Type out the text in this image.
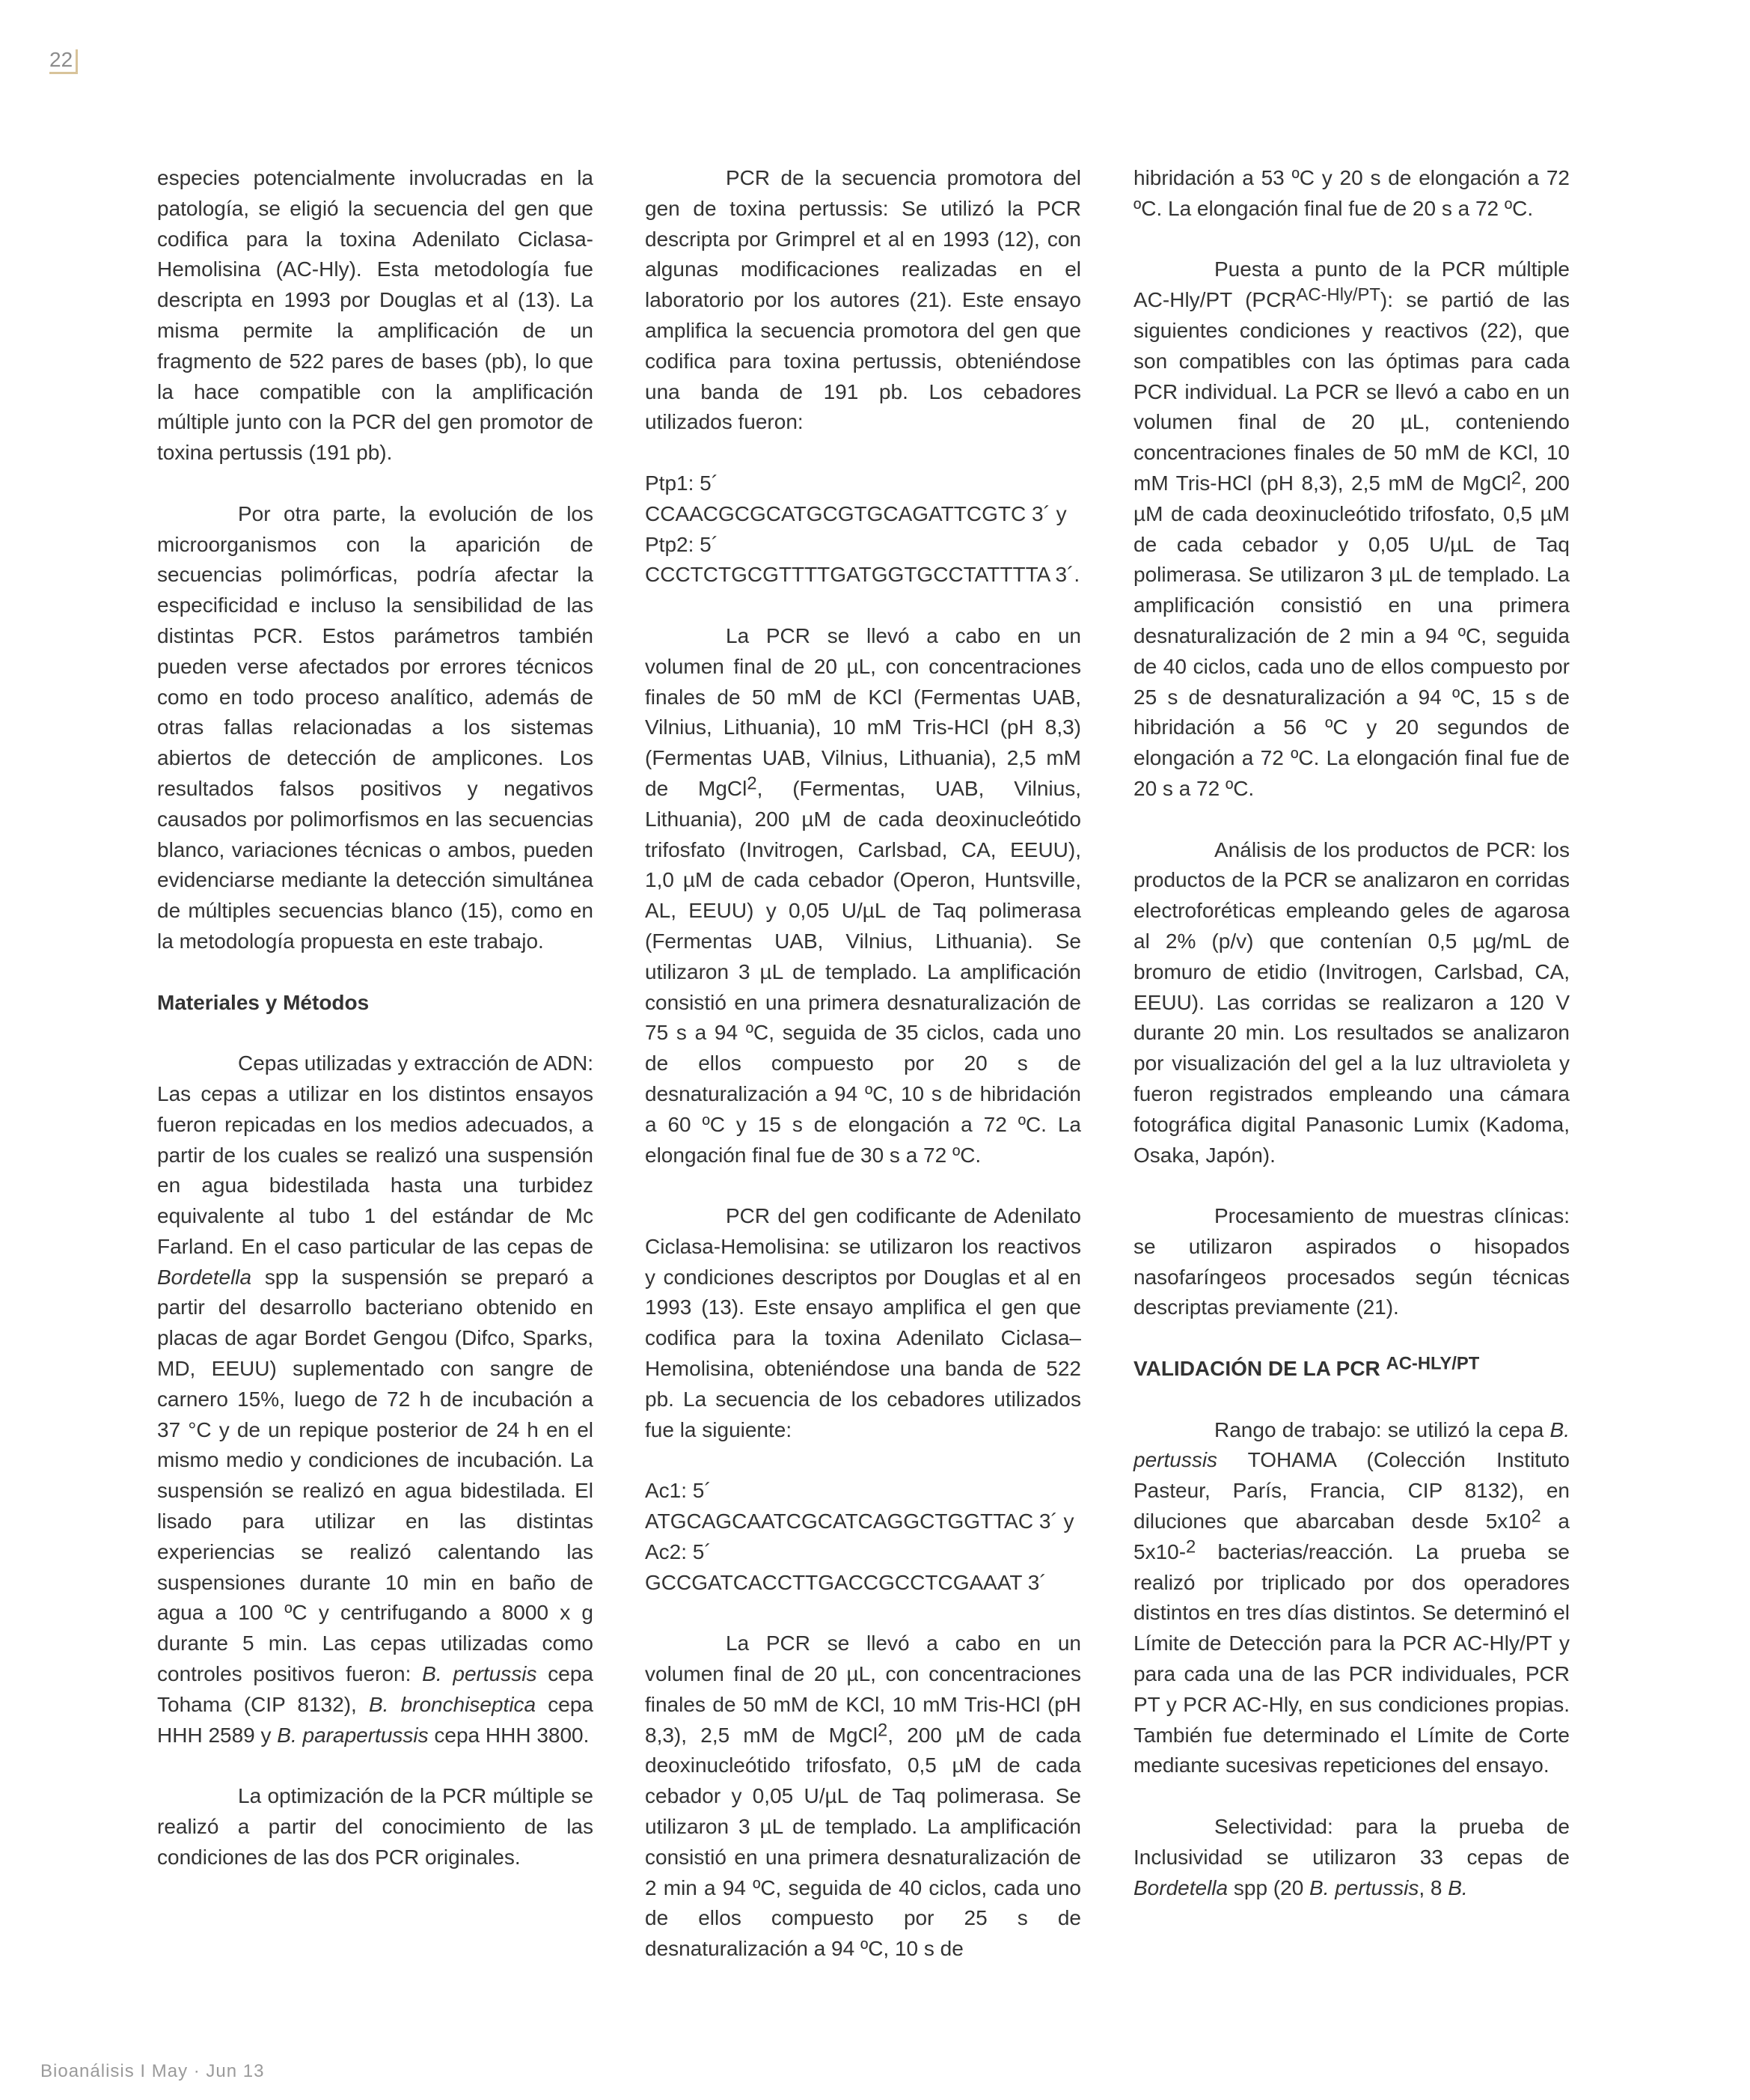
22

especies potencialmente involucradas en la patología, se eligió la secuencia del gen que codifica para la toxina Adenilato Ciclasa-Hemolisina (AC-Hly). Esta metodología fue descripta en 1993 por Douglas et al (13). La misma permite la amplificación de un fragmento de 522 pares de bases (pb), lo que la hace compatible con la amplificación múltiple junto con la PCR del gen promotor de toxina pertussis (191 pb).

Por otra parte, la evolución de los microorganismos con la aparición de secuencias polimórficas, podría afectar la especificidad e incluso la sensibilidad de las distintas PCR. Estos parámetros también pueden verse afectados por errores técnicos como en todo proceso analítico, además de otras fallas relacionadas a los sistemas abiertos de detección de amplicones. Los resultados falsos positivos y negativos causados por polimorfismos en las secuencias blanco, variaciones técnicas o ambos, pueden evidenciarse mediante la detección simultánea de múltiples secuencias blanco (15), como en la metodología propuesta en este trabajo.

Materiales y Métodos

Cepas utilizadas y extracción de ADN: Las cepas a utilizar en los distintos ensayos fueron repicadas en los medios adecuados, a partir de los cuales se realizó una suspensión en agua bidestilada hasta una turbidez equivalente al tubo 1 del estándar de Mc Farland. En el caso particular de las cepas de Bordetella spp la suspensión se preparó a partir del desarrollo bacteriano obtenido en placas de agar Bordet Gengou (Difco, Sparks, MD, EEUU) suplementado con sangre de carnero 15%, luego de 72 h de incubación a 37 °C y de un repique posterior de 24 h en el mismo medio y condiciones de incubación. La suspensión se realizó en agua bidestilada. El lisado para utilizar en las distintas experiencias se realizó calentando las suspensiones durante 10 min en baño de agua a 100 ºC y centrifugando a 8000 x g durante 5 min. Las cepas utilizadas como controles positivos fueron: B. pertussis cepa Tohama (CIP 8132), B. bronchiseptica cepa HHH 2589 y B. parapertussis cepa HHH 3800.

La optimización de la PCR múltiple se realizó a partir del conocimiento de las condiciones de las dos PCR originales.

PCR de la secuencia promotora del gen de toxina pertussis: Se utilizó la PCR descripta por Grimprel et al en 1993 (12), con algunas modificaciones realizadas en el laboratorio por los autores (21). Este ensayo amplifica la secuencia promotora del gen que codifica para toxina pertussis, obteniéndose una banda de 191 pb. Los cebadores utilizados fueron:

Ptp1: 5´

CCAACGCGCATGCGTGCAGATTCGTC 3´ y

Ptp2: 5´

CCCTCTGCGTTTTGATGGTGCCTATTTTA 3´.

La PCR se llevó a cabo en un volumen final de 20 µL, con concentraciones finales de 50 mM de KCl (Fermentas UAB, Vilnius, Lithuania), 10 mM Tris-HCl (pH 8,3) (Fermentas UAB, Vilnius, Lithuania), 2,5 mM de MgCl$^2$, (Fermentas, UAB, Vilnius, Lithuania), 200 µM de cada deoxinucleótido trifosfato (Invitrogen, Carlsbad, CA, EEUU), 1,0 µM de cada cebador (Operon, Huntsville, AL, EEUU) y 0,05 U/µL de Taq polimerasa (Fermentas UAB, Vilnius, Lithuania). Se utilizaron 3 µL de templado. La amplificación consistió en una primera desnaturalización de 75 s a 94 ºC, seguida de 35 ciclos, cada uno de ellos compuesto por 20 s de desnaturalización a 94 ºC, 10 s de hibridación a 60 ºC y 15 s de elongación a 72 ºC. La elongación final fue de 30 s a 72 ºC.

PCR del gen codificante de Adenilato Ciclasa-Hemolisina: se utilizaron los reactivos y condiciones descriptos por Douglas et al en 1993 (13). Este ensayo amplifica el gen que codifica para la toxina Adenilato Ciclasa–Hemolisina, obteniéndose una banda de 522 pb. La secuencia de los cebadores utilizados fue la siguiente:

Ac1: 5´

ATGCAGCAATCGCATCAGGCTGGTTAC 3´ y

Ac2: 5´

GCCGATCACCTTGACCGCCTCGAAAT 3´

La PCR se llevó a cabo en un volumen final de 20 µL, con concentraciones finales de 50 mM de KCl, 10 mM Tris-HCl (pH 8,3), 2,5 mM de MgCl$^2$, 200 µM de cada deoxinucleótido trifosfato, 0,5 µM de cada cebador y 0,05 U/µL de Taq polimerasa. Se utilizaron 3 µL de templado. La amplificación consistió en una primera desnaturalización de 2 min a 94 ºC, seguida de 40 ciclos, cada uno de ellos compuesto por 25 s de desnaturalización a 94 ºC, 10 s de

hibridación a 53 ºC y 20 s de elongación a 72 ºC. La elongación final fue de 20 s a 72 ºC.

Puesta a punto de la PCR múltiple AC-Hly/PT $(PCR^{AC-Hly/PT})$: se partió de las siguientes condiciones y reactivos (22), que son compatibles con las óptimas para cada PCR individual. La PCR se llevó a cabo en un volumen final de 20 µL, conteniendo concentraciones finales de 50 mM de KCl, 10 mM Tris-HCl (pH 8,3), 2,5 mM de MgCl$^2$, 200 µM de cada deoxinucleótido trifosfato, 0,5 µM de cada cebador y 0,05 U/µL de Taq polimerasa. Se utilizaron 3 µL de templado. La amplificación consistió en una primera desnaturalización de 2 min a 94 ºC, seguida de 40 ciclos, cada uno de ellos compuesto por 25 s de desnaturalización a 94 ºC, 15 s de hibridación a 56 ºC y 20 segundos de elongación a 72 ºC. La elongación final fue de 20 s a 72 ºC.

Análisis de los productos de PCR: los productos de la PCR se analizaron en corridas electroforéticas empleando geles de agarosa al 2% (p/v) que contenían 0,5 µg/mL de bromuro de etidio (Invitrogen, Carlsbad, CA, EEUU). Las corridas se realizaron a 120 V durante 20 min. Los resultados se analizaron por visualización del gel a la luz ultravioleta y fueron registrados empleando una cámara fotográfica digital Panasonic Lumix (Kadoma, Osaka, Japón).

Procesamiento de muestras clínicas: se utilizaron aspirados o hisopados nasofaríngeos procesados según técnicas descriptas previamente (21).

VALIDACIÓN DE LA PCR $^{AC-HLY/PT}$

Rango de trabajo: se utilizó la cepa B. pertussis TOHAMA (Colección Instituto Pasteur, París, Francia, CIP 8132), en diluciones que abarcaban desde $5x10^2$ a 5x10-$^2$ bacterias/reacción. La prueba se realizó por triplicado por dos operadores distintos en tres días distintos. Se determinó el Límite de Detección para la PCR AC-Hly/PT y para cada una de las PCR individuales, PCR PT y PCR AC-Hly, en sus condiciones propias. También fue determinado el Límite de Corte mediante sucesivas repeticiones del ensayo.

Selectividad: para la prueba de Inclusividad se utilizaron 33 cepas de Bordetella spp (20 B. pertussis, 8 B.

Bioanálisis I May · Jun 13
